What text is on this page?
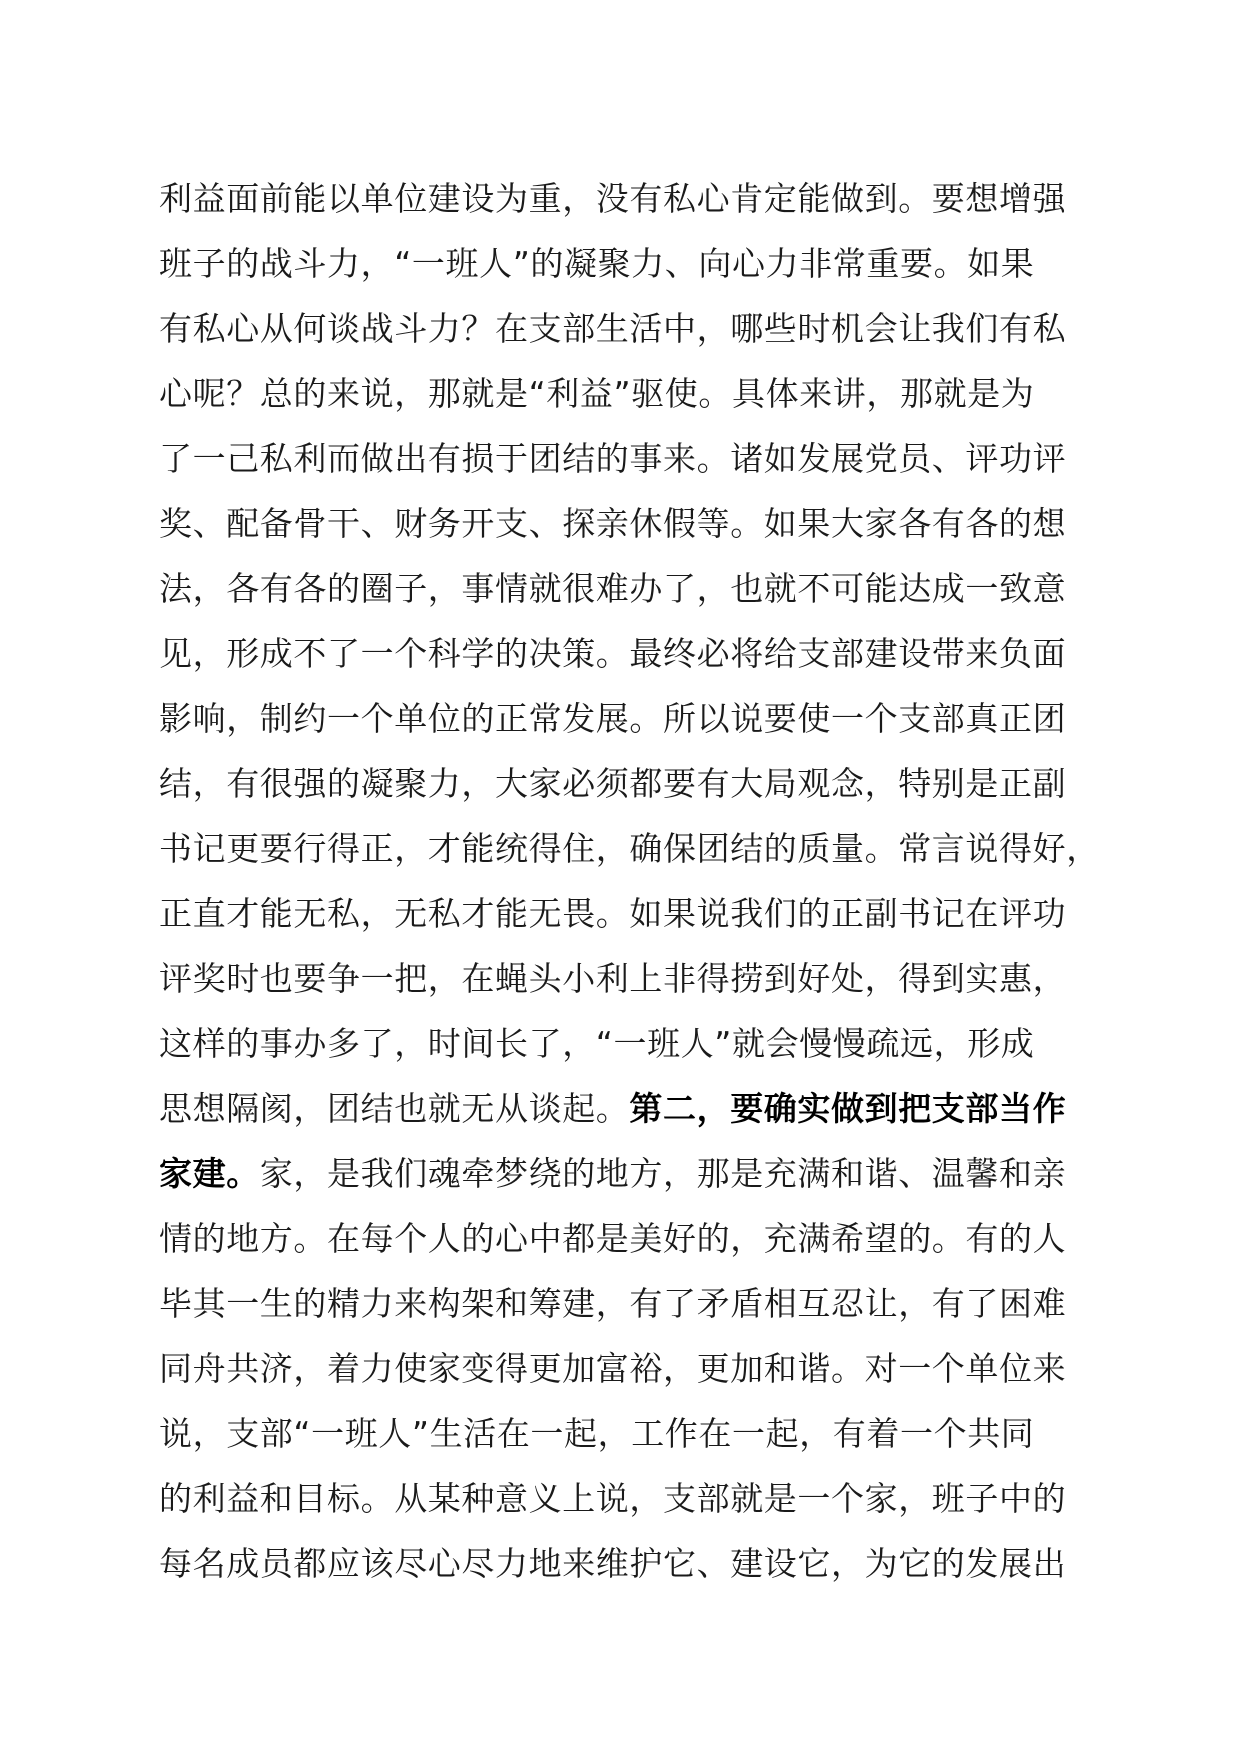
利益面前能以单位建设为重，没有私心肯定能做到。要想增强
班子的战斗力，“一班人”的凝聚力、向心力非常重要。如果
有私心从何谈战斗力？在支部生活中，哪些时机会让我们有私
心呢？总的来说，那就是“利益”驱使。具体来讲，那就是为
了一己私利而做出有损于团结的事来。诸如发展党员、评功评
奖、配备骨干、财务开支、探亲休假等。如果大家各有各的想
法，各有各的圈子，事情就很难办了，也就不可能达成一致意
见，形成不了一个科学的决策。最终必将给支部建设带来负面
影响，制约一个单位的正常发展。所以说要使一个支部真正团
结，有很强的凝聚力，大家必须都要有大局观念，特别是正副
书记更要行得正，才能统得住，确保团结的质量。常言说得好，
正直才能无私，无私才能无畏。如果说我们的正副书记在评功
评奖时也要争一把，在蝇头小利上非得捞到好处，得到实惠，
这样的事办多了，时间长了，“一班人”就会慢慢疏远，形成
思想隔阂，团结也就无从谈起。第二，要确实做到把支部当作
家建。家，是我们魂牵梦绕的地方，那是充满和谐、温馨和亲
情的地方。在每个人的心中都是美好的，充满希望的。有的人
毕其一生的精力来构架和筹建，有了矛盾相互忍让，有了困难
同舟共济，着力使家变得更加富裕，更加和谐。对一个单位来
说，支部“一班人”生活在一起，工作在一起，有着一个共同
的利益和目标。从某种意义上说，支部就是一个家，班子中的
每名成员都应该尽心尽力地来维护它、建设它，为它的发展出
